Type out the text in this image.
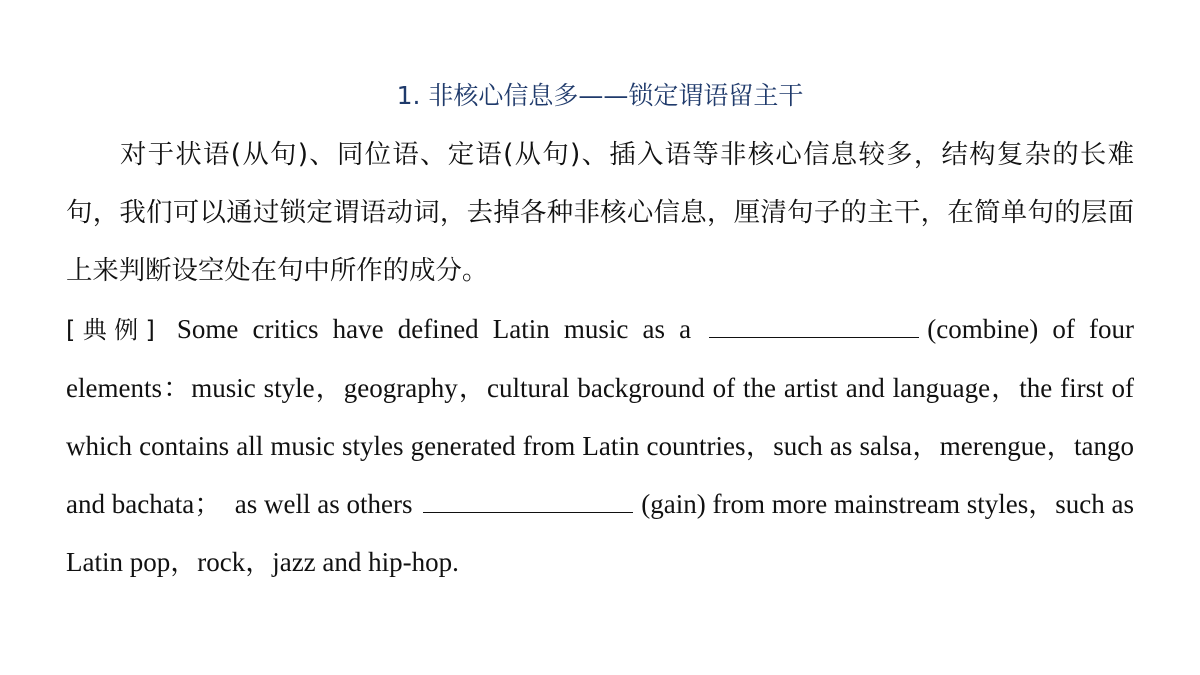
1. 非核心信息多——锁定谓语留主干
对于状语(从句)、同位语、定语(从句)、插入语等非核心信息较多，结构复杂的长难句，我们可以通过锁定谓语动词，去掉各种非核心信息，厘清句子的主干，在简单句的层面上来判断设空处在句中所作的成分。
[典例] Some critics have defined Latin music as a	(combine) of four elements：music style，geography，cultural background of the artist and language，the first of which contains all music styles generated from Latin countries，such as salsa，merengue，tango and bachata；　as well as others	(gain) from more mainstream styles，such as Latin pop，rock，jazz and hip-hop.
